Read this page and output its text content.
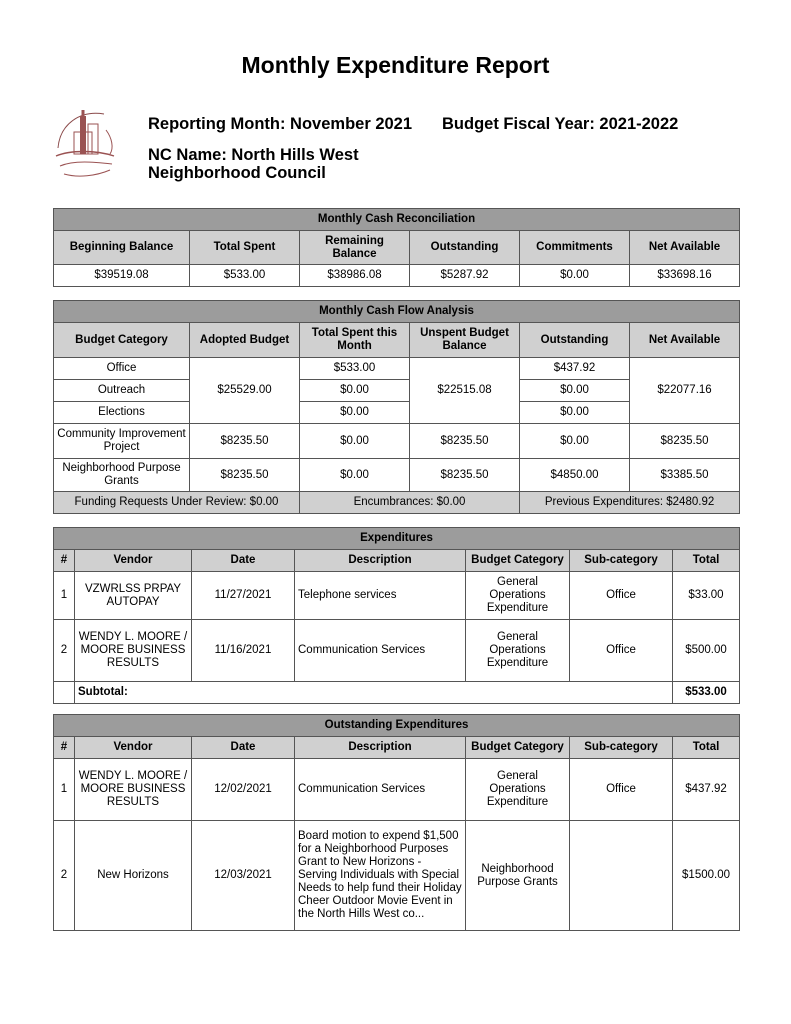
Monthly Expenditure Report
Reporting Month: November 2021 Budget Fiscal Year: 2021-2022
NC Name: North Hills West
Neighborhood Council
Monthly Cash Reconciliation					
Beginning Balance	Total Spent	Remaining Balance	Outstanding	Commitments	Net Available
$39519.08	$533.00	$38986.08	$5287.92	$0.00	$33698.16
Monthly Cash Flow Analysis					
Budget Category	Adopted Budget	Total Spent this Month	Unspent Budget Balance	Outstanding	Net Available
Office	$25529.00	$533.00	$22515.08	$437.92	$22077.16
Outreach		$0.00		$0.00	
Elections		$0.00		$0.00	
Community Improvement Project	$8235.50	$0.00	$8235.50	$0.00	$8235.50
Neighborhood Purpose Grants	$8235.50	$0.00	$8235.50	$4850.00	$3385.50
Funding Requests Under Review: $0.00		Encumbrances: $0.00		Previous Expenditures: $2480.92	
Expenditures						
#	Vendor	Date	Description	Budget Category	Sub-category	Total
1	VZWRLSS PRPAY AUTOPAY	11/27/2021	Telephone services	General Operations Expenditure	Office	$33.00
2	WENDY L. MOORE / MOORE BUSINESS RESULTS	11/16/2021	Communication Services	General Operations Expenditure	Office	$500.00
	Subtotal:					$533.00
Outstanding Expenditures						
#	Vendor	Date	Description	Budget Category	Sub-category	Total
1	WENDY L. MOORE / MOORE BUSINESS RESULTS	12/02/2021	Communication Services	General Operations Expenditure	Office	$437.92
2	New Horizons	12/03/2021	Board motion to expend $1,500 for a Neighborhood Purposes Grant to New Horizons - Serving Individuals with Special Needs to help fund their Holiday Cheer Outdoor Movie Event in the North Hills West co...	Neighborhood Purpose Grants		$1500.00
